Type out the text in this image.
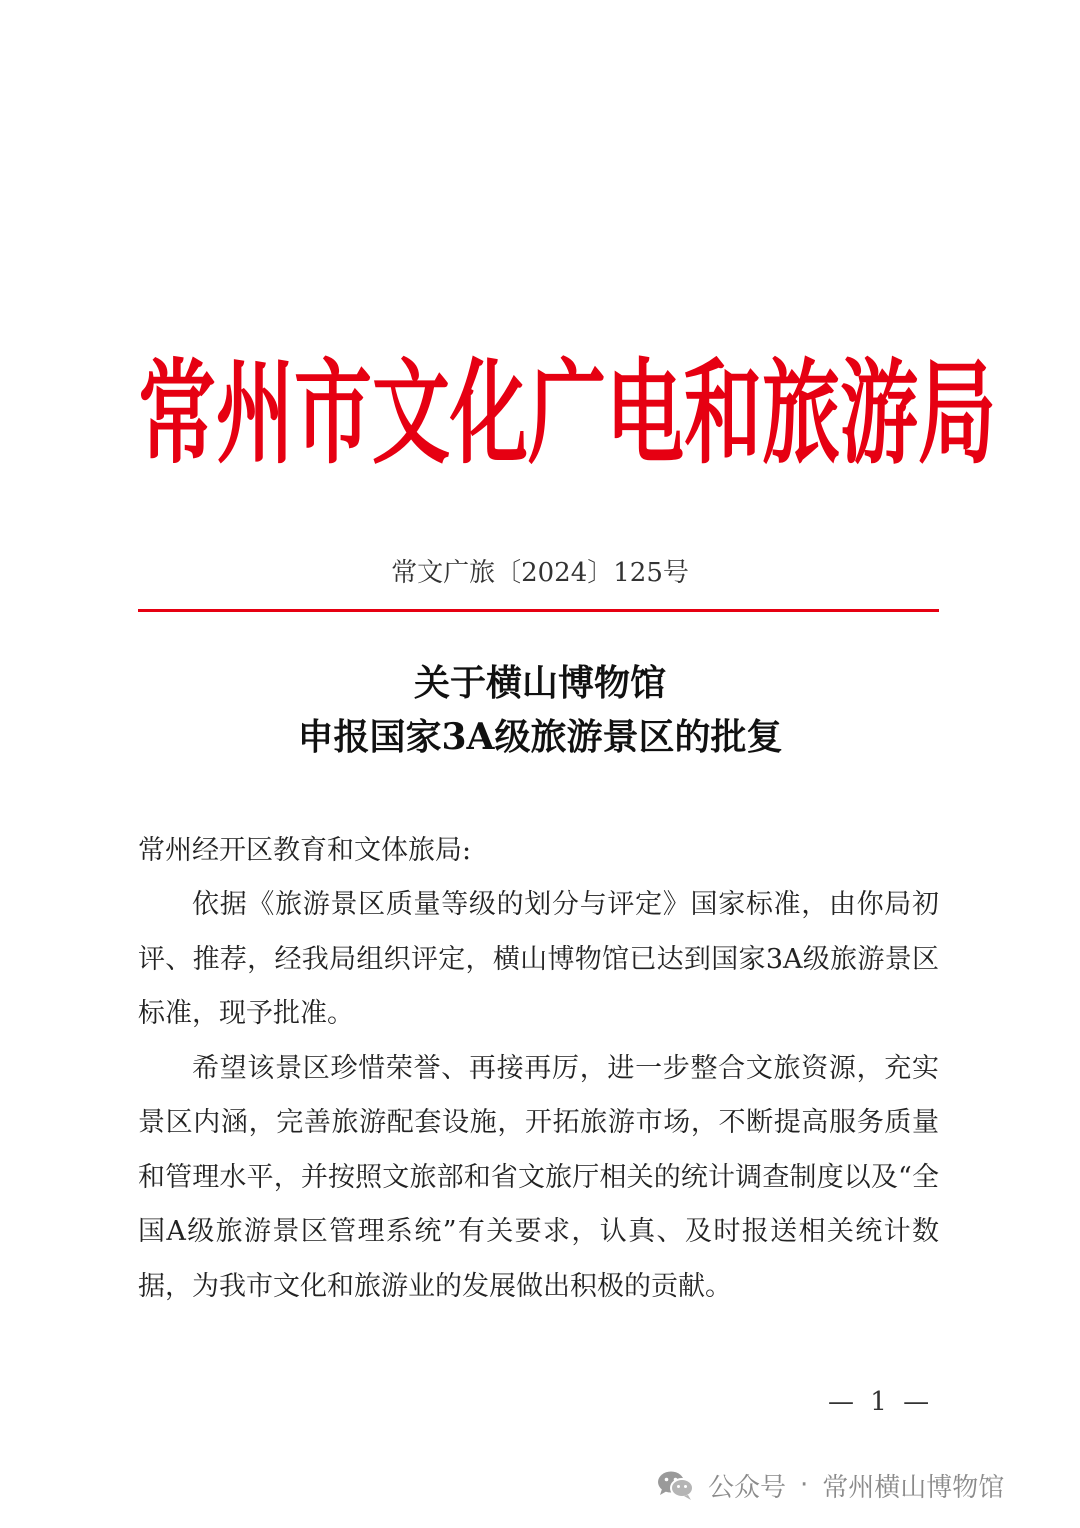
常州市文化广电和旅游局
常文广旅〔2024〕125号
关于横山博物馆
申报国家3A级旅游景区的批复

常州经开区教育和文体旅局:

依据《旅游景区质量等级的划分与评定》国家标准，由你局初评、推荐，经我局组织评定，横山博物馆已达到国家3A级旅游景区标准，现予批准。

希望该景区珍惜荣誉、再接再厉，进一步整合文旅资源，充实景区内涵，完善旅游配套设施，开拓旅游市场，不断提高服务质量和管理水平，并按照文旅部和省文旅厅相关的统计调查制度以及“全国A级旅游景区管理系统”有关要求，认真、及时报送相关统计数据，为我市文化和旅游业的发展做出积极的贡献。

— 1 —
公众号 · 常州横山博物馆
